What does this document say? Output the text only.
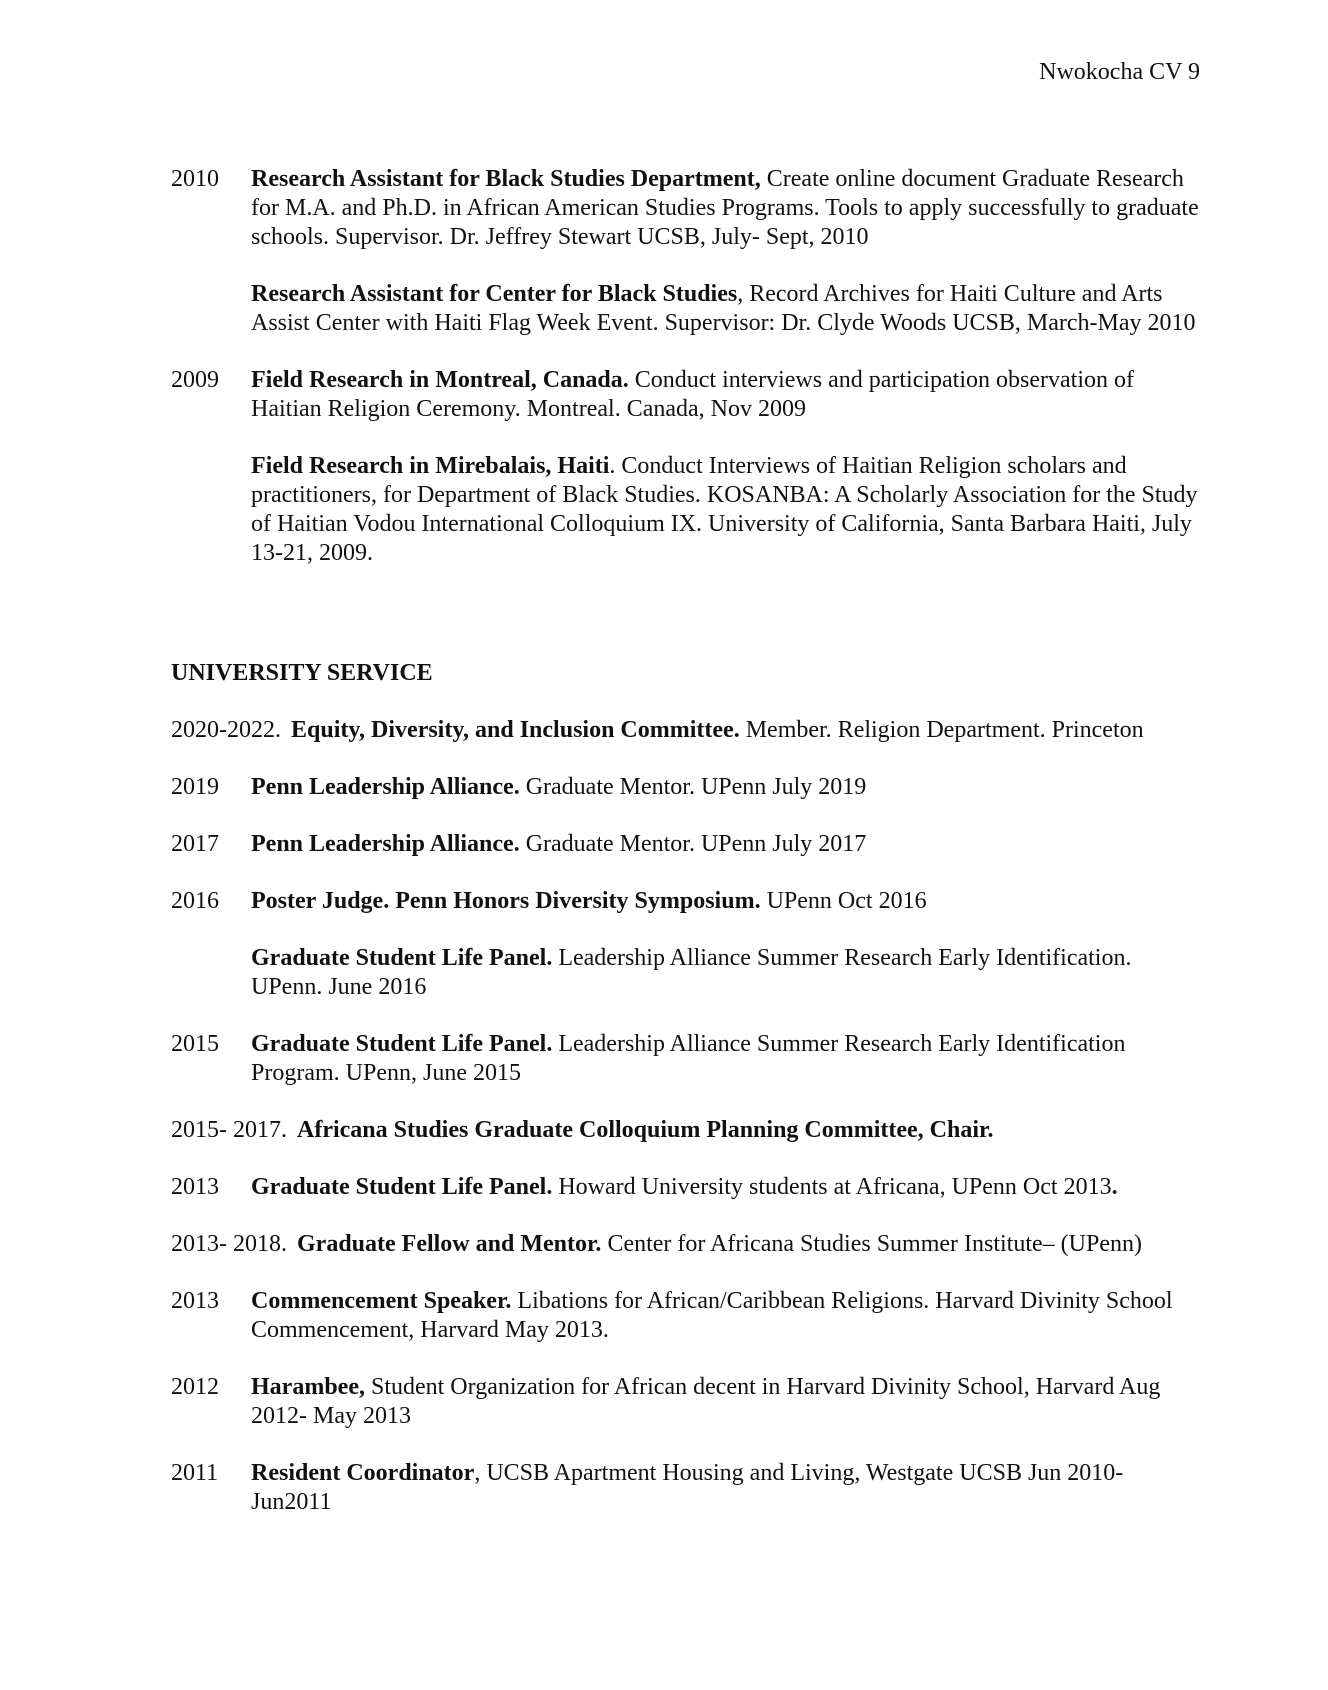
Nwokocha CV 9
2010	Research Assistant for Black Studies Department, Create online document Graduate Research for M.A. and Ph.D. in African American Studies Programs. Tools to apply successfully to graduate schools. Supervisor. Dr. Jeffrey Stewart UCSB, July- Sept, 2010
Research Assistant for Center for Black Studies, Record Archives for Haiti Culture and Arts Assist Center with Haiti Flag Week Event. Supervisor: Dr. Clyde Woods UCSB, March-May 2010
2009	Field Research in Montreal, Canada. Conduct interviews and participation observation of Haitian Religion Ceremony. Montreal. Canada, Nov 2009
Field Research in Mirebalais, Haiti. Conduct Interviews of Haitian Religion scholars and practitioners, for Department of Black Studies. KOSANBA: A Scholarly Association for the Study of Haitian Vodou International Colloquium IX. University of California, Santa Barbara Haiti, July 13-21, 2009.
UNIVERSITY SERVICE
2020-2022. Equity, Diversity, and Inclusion Committee. Member. Religion Department. Princeton
2019	Penn Leadership Alliance. Graduate Mentor. UPenn July 2019
2017	Penn Leadership Alliance. Graduate Mentor. UPenn July 2017
2016	Poster Judge. Penn Honors Diversity Symposium. UPenn Oct 2016
Graduate Student Life Panel. Leadership Alliance Summer Research Early Identification. UPenn. June 2016
2015	Graduate Student Life Panel. Leadership Alliance Summer Research Early Identification Program. UPenn, June 2015
2015- 2017. Africana Studies Graduate Colloquium Planning Committee, Chair.
2013	Graduate Student Life Panel. Howard University students at Africana, UPenn Oct 2013.
2013- 2018. Graduate Fellow and Mentor. Center for Africana Studies Summer Institute– (UPenn)
2013	Commencement Speaker. Libations for African/Caribbean Religions. Harvard Divinity School Commencement, Harvard May 2013.
2012	Harambee, Student Organization for African decent in Harvard Divinity School, Harvard Aug 2012- May 2013
2011	Resident Coordinator, UCSB Apartment Housing and Living, Westgate UCSB Jun 2010- Jun2011
